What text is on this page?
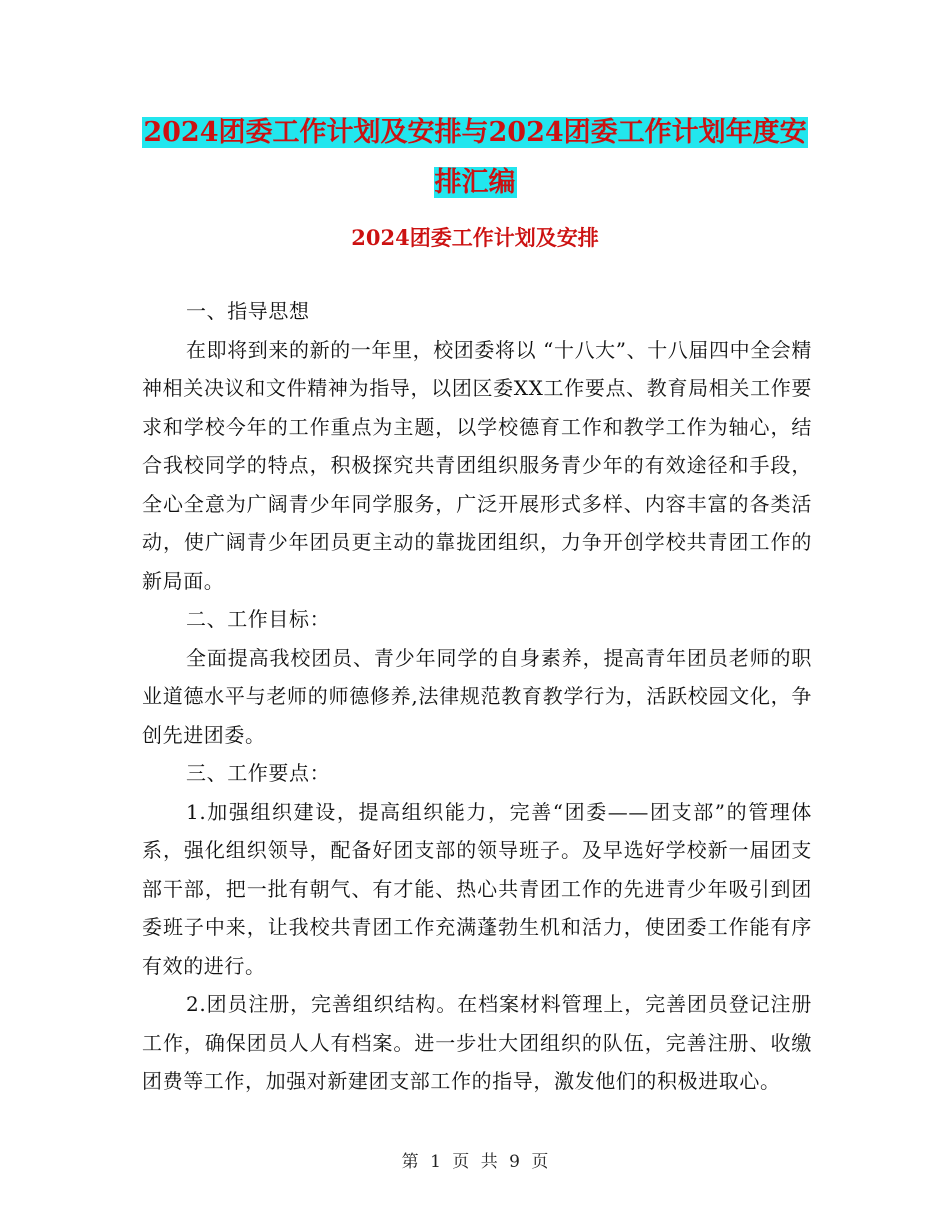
2024团委工作计划及安排与2024团委工作计划年度安
排汇编
2024团委工作计划及安排

一、指导思想

在即将到来的新的一年里，校团委将以 “十八大”、十八届四中全会精神相关决议和文件精神为指导，以团区委XX工作要点、教育局相关工作要求和学校今年的工作重点为主题，以学校德育工作和教学工作为轴心，结合我校同学的特点，积极探究共青团组织服务青少年的有效途径和手段，全心全意为广阔青少年同学服务，广泛开展形式多样、内容丰富的各类活动，使广阔青少年团员更主动的靠拢团组织，力争开创学校共青团工作的新局面。

二、工作目标：

全面提高我校团员、青少年同学的自身素养，提高青年团员老师的职业道德水平与老师的师德修养,法律规范教育教学行为，活跃校园文化，争创先进团委。

三、工作要点：

1.加强组织建设，提高组织能力，完善“团委——团支部”的管理体系，强化组织领导，配备好团支部的领导班子。及早选好学校新一届团支部干部，把一批有朝气、有才能、热心共青团工作的先进青少年吸引到团委班子中来，让我校共青团工作充满蓬勃生机和活力，使团委工作能有序有效的进行。

2.团员注册，完善组织结构。在档案材料管理上，完善团员登记注册工作，确保团员人人有档案。进一步壮大团组织的队伍，完善注册、收缴团费等工作，加强对新建团支部工作的指导，激发他们的积极进取心。

第 1 页 共 9 页
